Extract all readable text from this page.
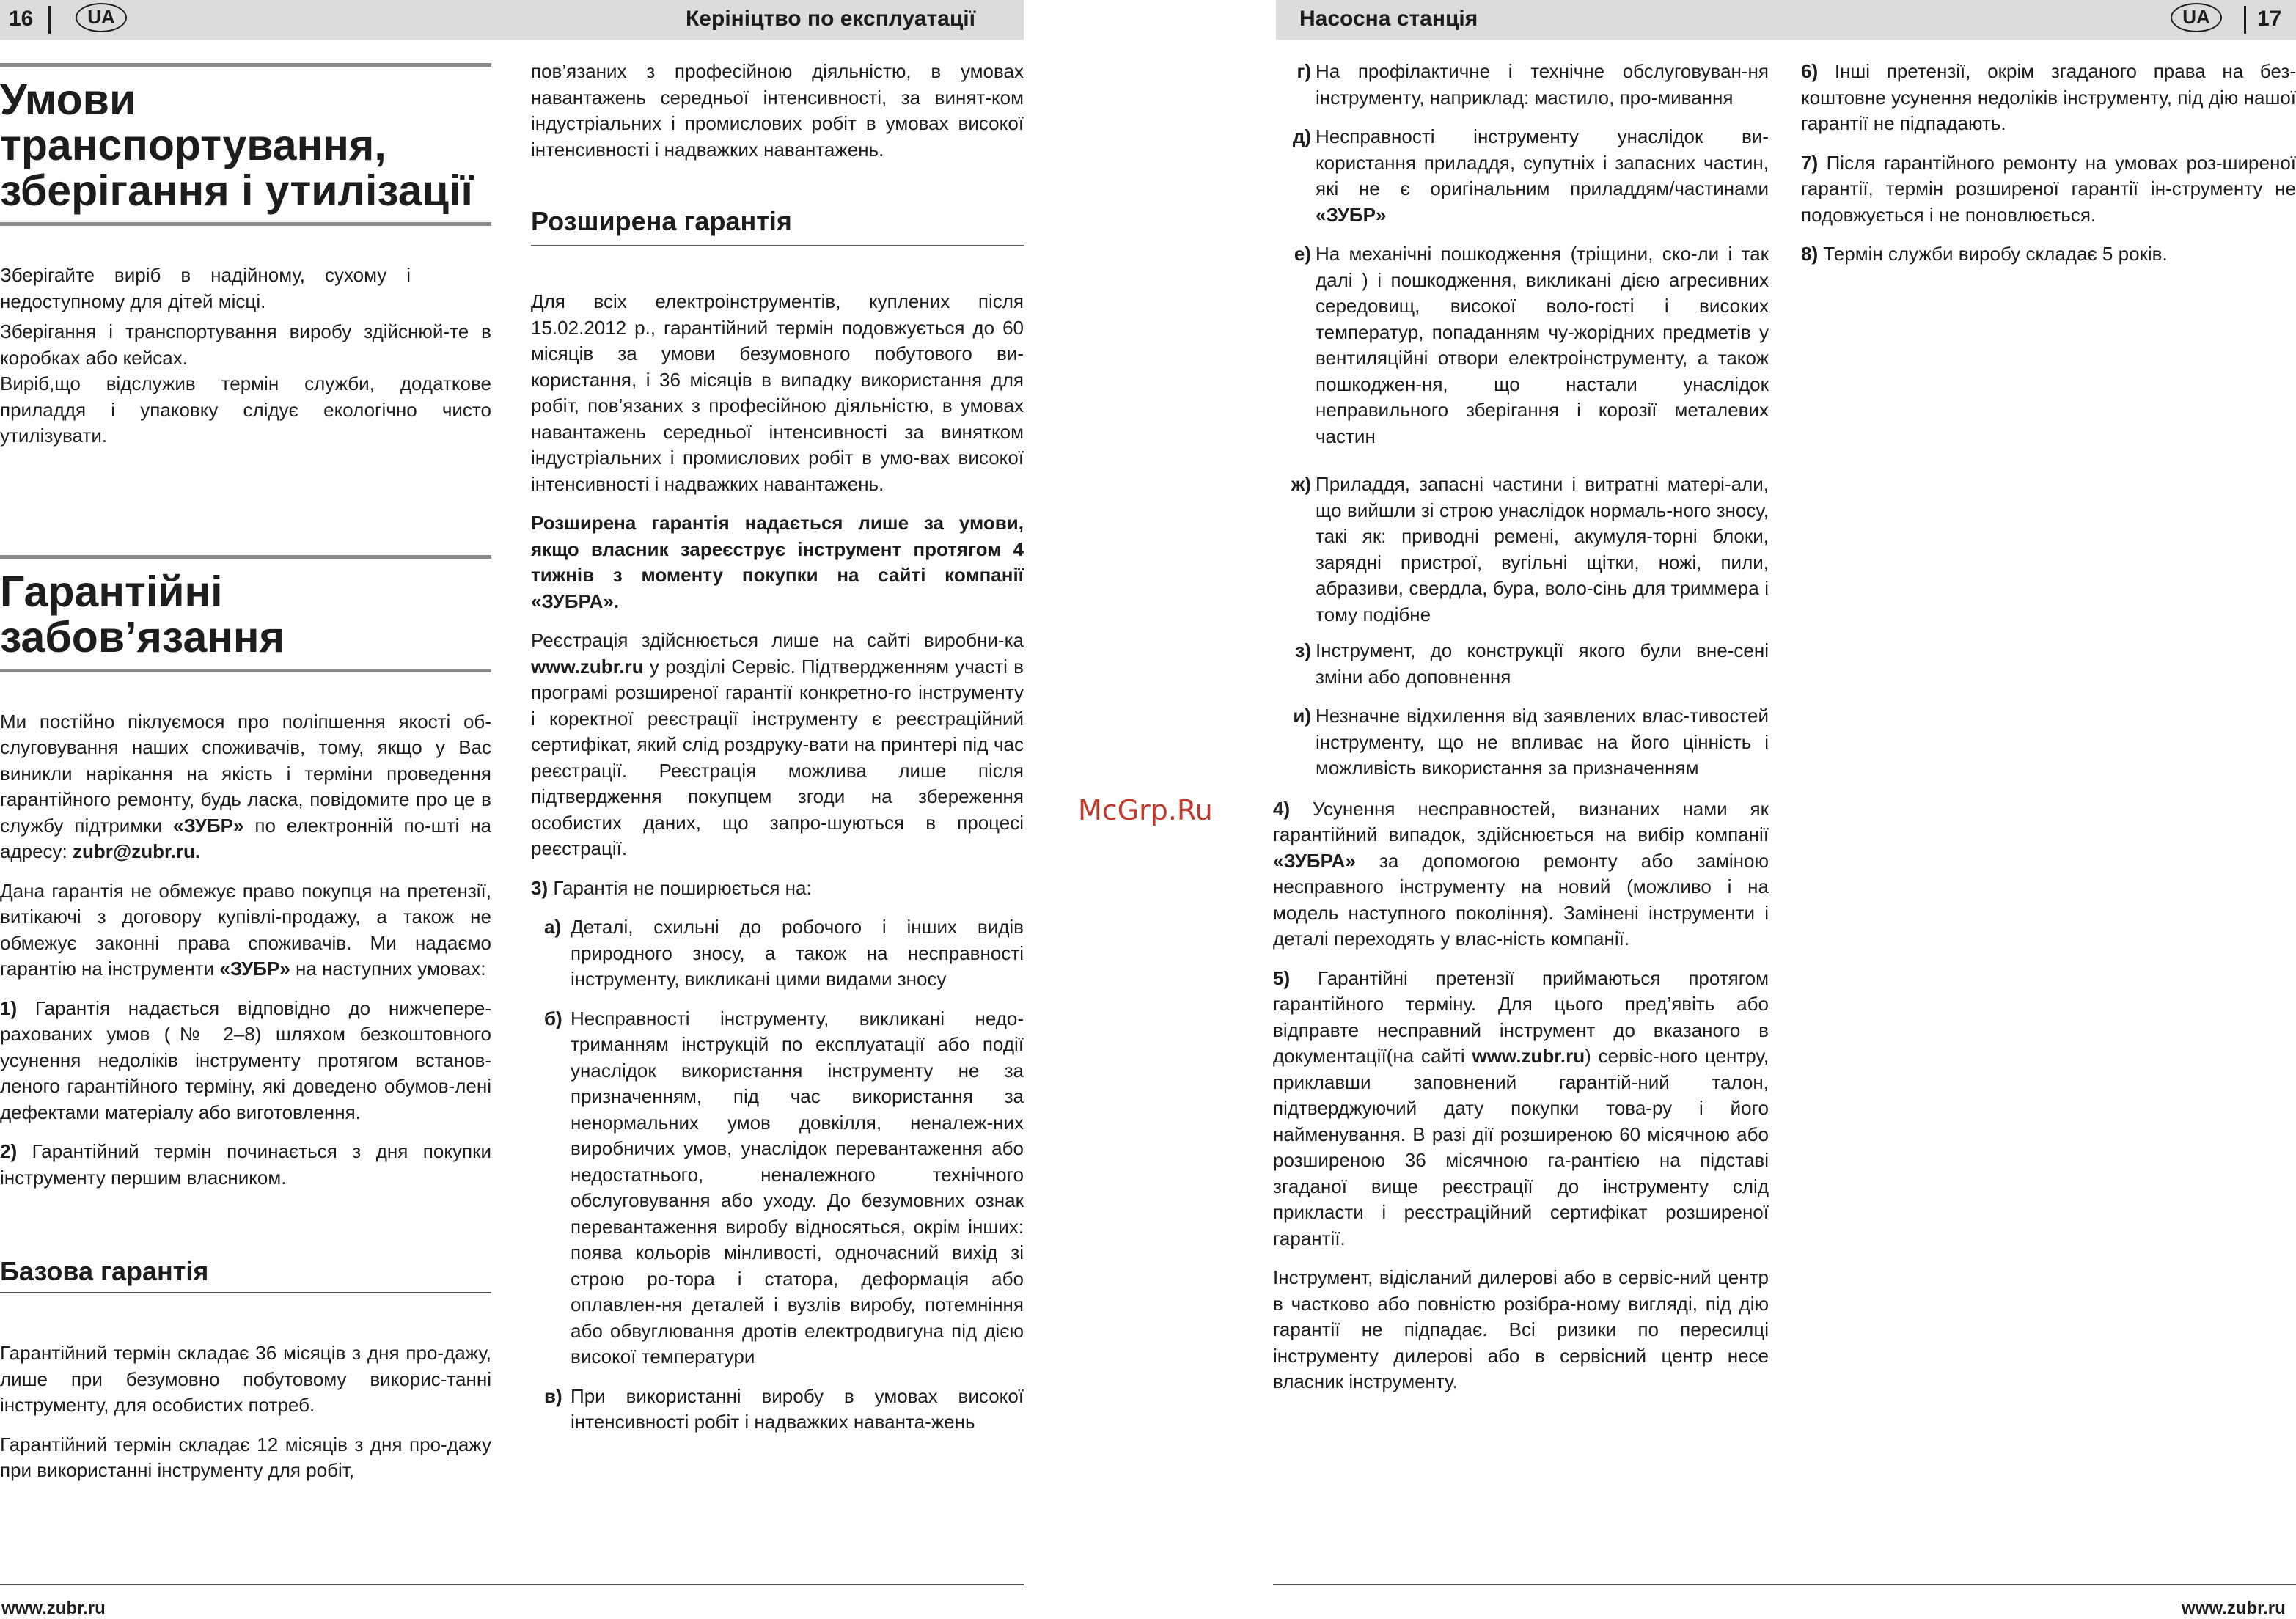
16	UA	Керініцтво по експлуатації	Насосна станція	UA	17
McGrp.Ru
Умови транспортування, зберігання і утилізації

Зберігайте виріб в надійному, сухому і недоступному для дітей місці.

Зберігання і транспортування виробу здійснюй-те в коробках або кейсах.

Виріб,що відслужив термін служби, додаткове приладдя і упаковку слідує екологічно чисто утилізувати.

Гарантійні забов’язання

Ми постійно піклуємося про поліпшення якості об-слуговування наших споживачів, тому, якщо у Вас виникли нарікання на якість і терміни проведення гарантійного ремонту, будь ласка, повідомите про це в службу підтримки «ЗУБР» по електронній по-шті на адресу: zubr@zubr.ru.

Дана гарантія не обмежує право покупця на претензії, витікаючі з договору купівлі-продажу, а також не обмежує законні права споживачів. Ми надаємо гарантію на інструменти «ЗУБР» на наступних умовах:

1) Гарантія надається відповідно до нижчепере-рахованих умов (№ 2–8) шляхом безкоштовного усунення недоліків інструменту протягом встанов-леного гарантійного терміну, які доведено обумов-лені дефектами матеріалу або виготовлення.

2) Гарантійний термін починається з дня покупки інструменту першим власником.

Базова гарантія

Гарантійний термін складає 36 місяців з дня про-дажу, лише при безумовно побутовому викорис-танні інструменту, для особистих потреб.

Гарантійний термін складає 12 місяців з дня про-дажу при використанні інструменту для робіт,

пов’язаних з професійною діяльністю, в умовах навантажень середньої інтенсивності, за винят-ком індустріальних і промислових робіт в умовах високої інтенсивності і надважких навантажень.

Розширена гарантія

Для всіх електроінструментів, куплених після 15.02.2012 р., гарантійний термін подовжується до 60 місяців за умови безумовного побутового ви-користання, і 36 місяців в випадку використання для робіт, пов’язаних з професійною діяльністю, в умовах навантажень середньої інтенсивності за винятком індустріальних і промислових робіт в умо-вах високої інтенсивності і надважких навантажень.

Розширена гарантія надається лише за умови, якщо власник зареєструє інструмент протягом 4 тижнів з моменту покупки на сайті компанії «ЗУБРА».

Реєстрація здійснюється лише на сайті виробни-ка www.zubr.ru у розділі Сервіс. Підтвердженням участі в програмі розширеної гарантії конкретно-го інструменту і коректної реєстрації інструменту є реєстраційний сертифікат, який слід роздруку-вати на принтері під час реєстрації. Реєстрація можлива лише після підтвердження покупцем згоди на збереження особистих даних, що запро-шуються в процесі реєстрації.

3) Гарантія не поширюється на:

а) Деталі, схильні до робочого і інших видів природного зносу, а також на несправності інструменту, викликані цими видами зносу
б) Несправності інструменту, викликані недо-триманням інструкцій по експлуатації або події унаслідок використання інструменту не за призначенням, під час використання за ненормальних умов довкілля, неналеж-них виробничих умов, унаслідок перевантаження або недостатнього, неналежного технічного обслуговування або уходу. До безумовних ознак перевантаження виробу відносяться, окрім інших: поява кольорів мінливості, одночасний вихід зі строю ро-тора і статора, деформація або оплавлен-ня деталей і вузлів виробу, потемніння або обвуглювання дротів електродвигуна під дією високої температури
в) При використанні виробу в умовах високої інтенсивності робіт і надважких наванта-жень
г) На профілактичне і технічне обслуговуван-ня інструменту, наприклад: мастило, про-мивання
д) Несправності інструменту унаслідок ви-користання приладдя, супутніх і запасних частин, які не є оригінальним приладдям/частинами «ЗУБР»
е) На механічні пошкодження (тріщини, ско-ли і так далі ) і пошкодження, викликані дією агресивних середовищ, високої воло-гості і високих температур, попаданням чу-жорідних предметів у вентиляційні отвори електроінструменту, а також пошкоджен-ня, що настали унаслідок неправильного зберігання і корозії металевих частин
ж) Приладдя, запасні частини і витратні матері-али, що вийшли зі строю унаслідок нормаль-ного зносу, такі як: приводні ремені, акумуля-торні блоки, зарядні пристрої, вугільні щітки, ножі, пили, абразиви, свердла, бура, воло-сінь для триммера і тому подібне
з) Інструмент, до конструкції якого були вне-сені зміни або доповнення
и) Незначне відхилення від заявлених влас-тивостей інструменту, що не впливає на його цінність і можливість використання за призначенням

4) Усунення несправностей, визнаних нами як гарантійний випадок, здійснюється на вибір компанії «ЗУБРА» за допомогою ремонту або заміною несправного інструменту на новий (можливо і на модель наступного покоління). Замінені інструменти і деталі переходять у влас-ність компанії.

5) Гарантійні претензії приймаються протягом гарантійного терміну. Для цього пред’явіть або відправте несправний інструмент до вказаного в документації(на сайті www.zubr.ru) сервіс-ного центру, приклавши заповнений гарантій-ний талон, підтверджуючий дату покупки това-ру і його найменування. В разі дії розширеною 60 місячною або розширеною 36 місячною га-рантією на підставі згаданої вище реєстрації до інструменту слід прикласти і реєстраційний сертифікат розширеної гарантії.

Інструмент, відісланий дилерові або в сервіс-ний центр в частково або повністю розібра-ному вигляді, під дію гарантії не підпадає. Всі ризики по пересилці інструменту дилерові або в сервісний центр несе власник інструменту.

6) Інші претензії, окрім згаданого права на без-коштовне усунення недоліків інструменту, під дію нашої гарантії не підпадають.

7) Після гарантійного ремонту на умовах роз-ширеної гарантії, термін розширеної гарантії ін-струменту не подовжується і не поновлюється.

8) Термін служби виробу складає 5 років.

www.zubr.ru	www.zubr.ru
